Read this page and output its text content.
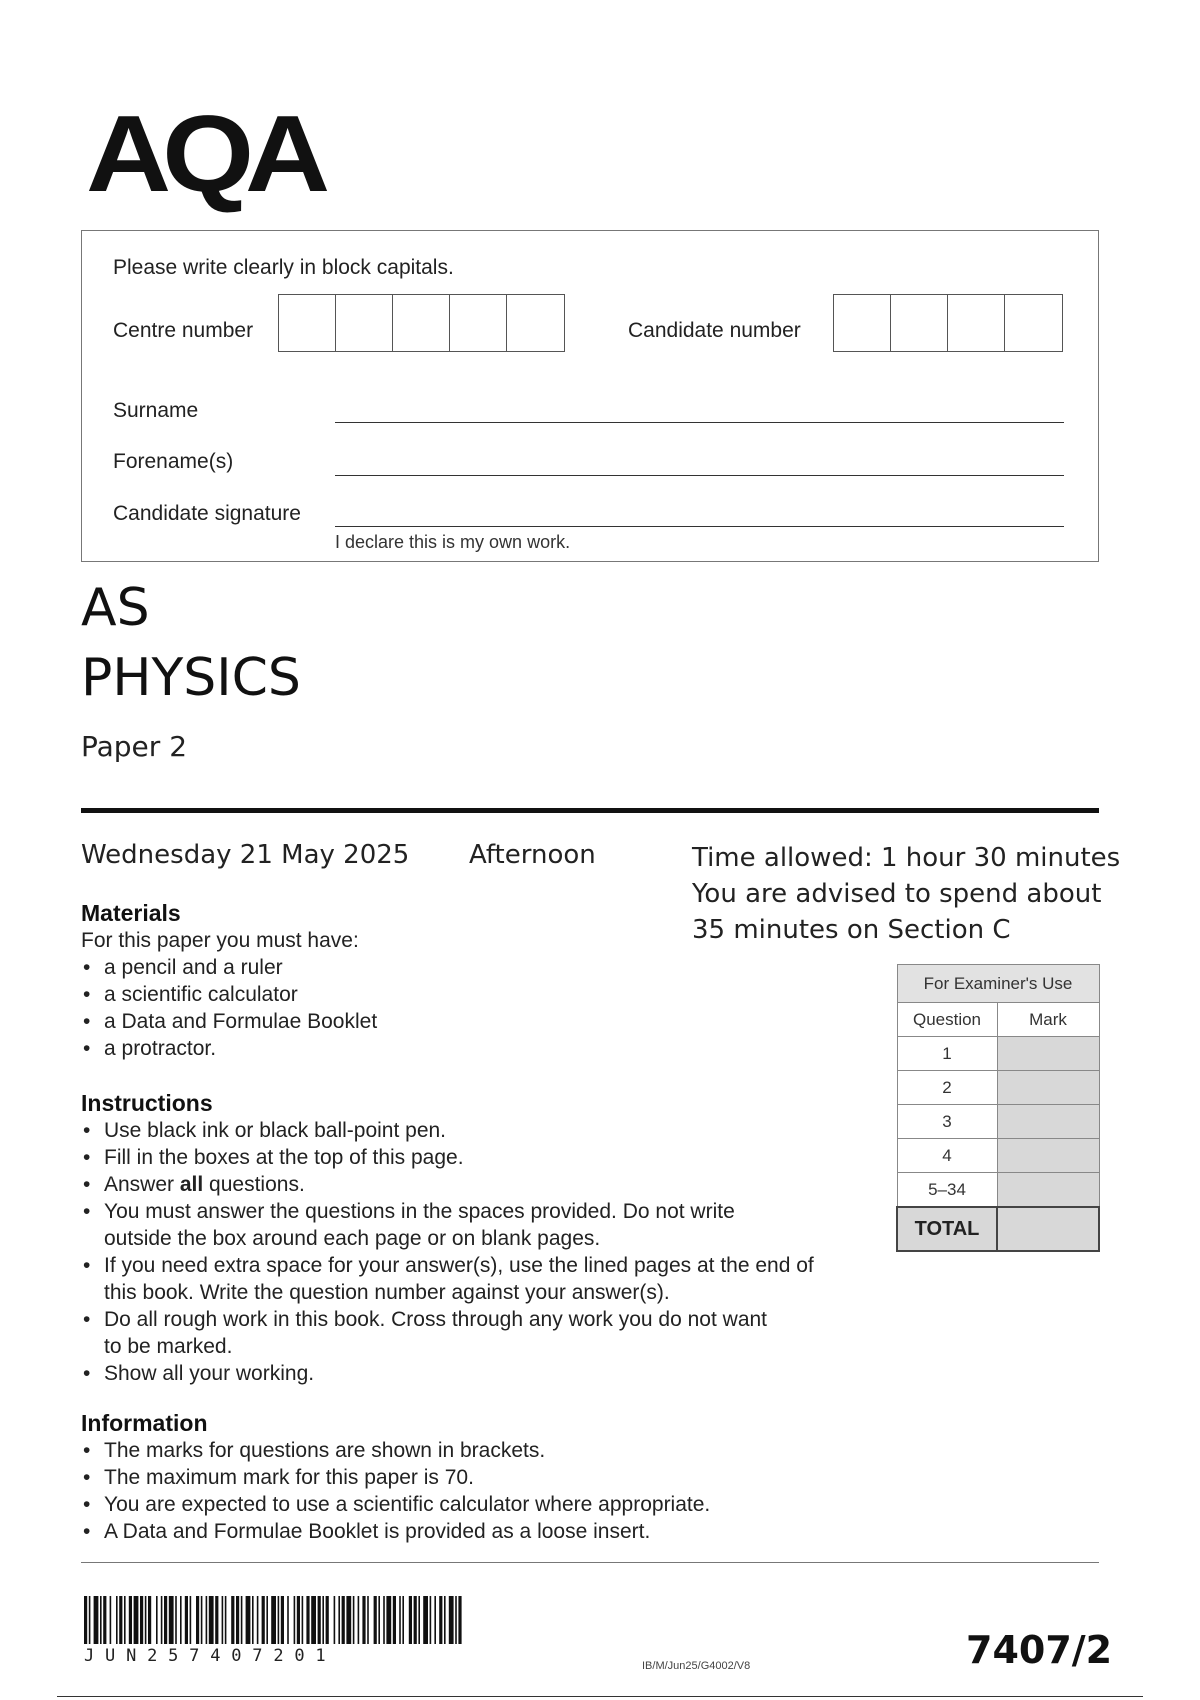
AQA
Please write clearly in block capitals.
Centre number	Candidate number
Surname
Forename(s)
Candidate signature
I declare this is my own work.
AS
PHYSICS
Paper 2
Wednesday 21 May 2025 Afternoon	Time allowed: 1 hour 30 minutes
You are advised to spend about
35 minutes on Section C
Materials
For this paper you must have:
• a pencil and a ruler
• a scientific calculator
• a Data and Formulae Booklet
• a protractor.
Instructions
• Use black ink or black ball-point pen.
• Fill in the boxes at the top of this page.
• Answer all questions.
• You must answer the questions in the spaces provided. Do not write
outside the box around each page or on blank pages.
• If you need extra space for your answer(s), use the lined pages at the end of
this book. Write the question number against your answer(s).
• Do all rough work in this book. Cross through any work you do not want
to be marked.
• Show all your working.
Information
• The marks for questions are shown in brackets.
• The maximum mark for this paper is 70.
• You are expected to use a scientific calculator where appropriate.
• A Data and Formulae Booklet is provided as a loose insert.
For Examiner's Use	
Question	Mark
1	
2	
3	
4	
5–34	
TOTAL	
JUN257407201	IB/M/Jun25/G4002/V8	7407/2
